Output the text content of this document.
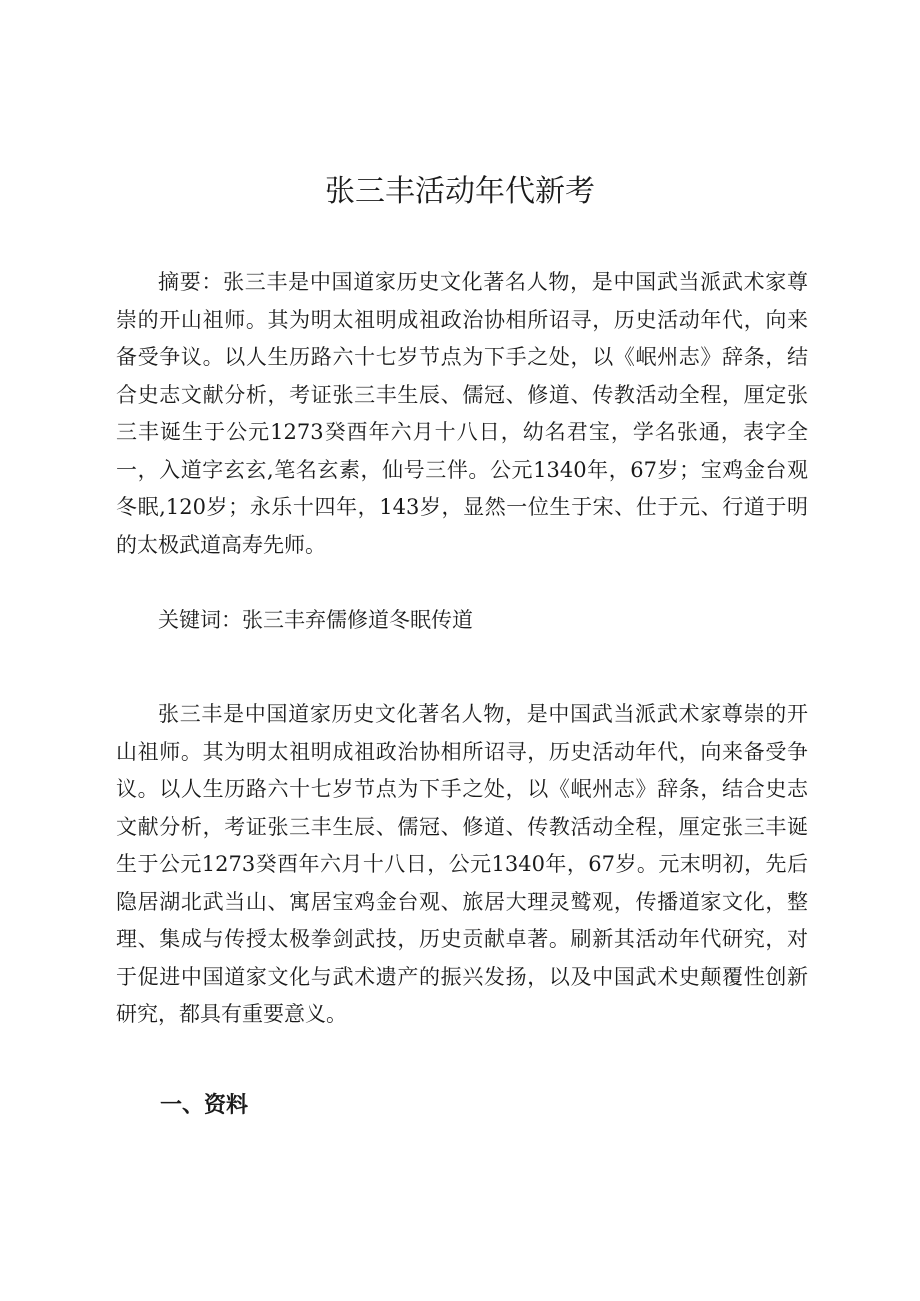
张三丰活动年代新考

摘要：张三丰是中国道家历史文化著名人物，是中国武当派武术家尊崇的开山祖师。其为明太祖明成祖政治协相所诏寻，历史活动年代，向来备受争议。以人生历路六十七岁节点为下手之处，以《岷州志》辞条，结合史志文献分析，考证张三丰生辰、儒冠、修道、传教活动全程，厘定张三丰诞生于公元1273癸酉年六月十八日，幼名君宝，学名张通，表字全一，入道字玄玄,笔名玄素，仙号三伴。公元1340年，67岁；宝鸡金台观冬眠,120岁；永乐十四年，143岁，显然一位生于宋、仕于元、行道于明的太极武道高寿先师。

关键词：张三丰弃儒修道冬眠传道

张三丰是中国道家历史文化著名人物，是中国武当派武术家尊崇的开山祖师。其为明太祖明成祖政治协相所诏寻，历史活动年代，向来备受争议。以人生历路六十七岁节点为下手之处，以《岷州志》辞条，结合史志文献分析，考证张三丰生辰、儒冠、修道、传教活动全程，厘定张三丰诞生于公元1273癸酉年六月十八日，公元1340年，67岁。元末明初，先后隐居湖北武当山、寓居宝鸡金台观、旅居大理灵鹫观，传播道家文化，整理、集成与传授太极拳剑武技，历史贡献卓著。刷新其活动年代研究，对于促进中国道家文化与武术遗产的振兴发扬，以及中国武术史颠覆性创新研究，都具有重要意义。

一、资料
